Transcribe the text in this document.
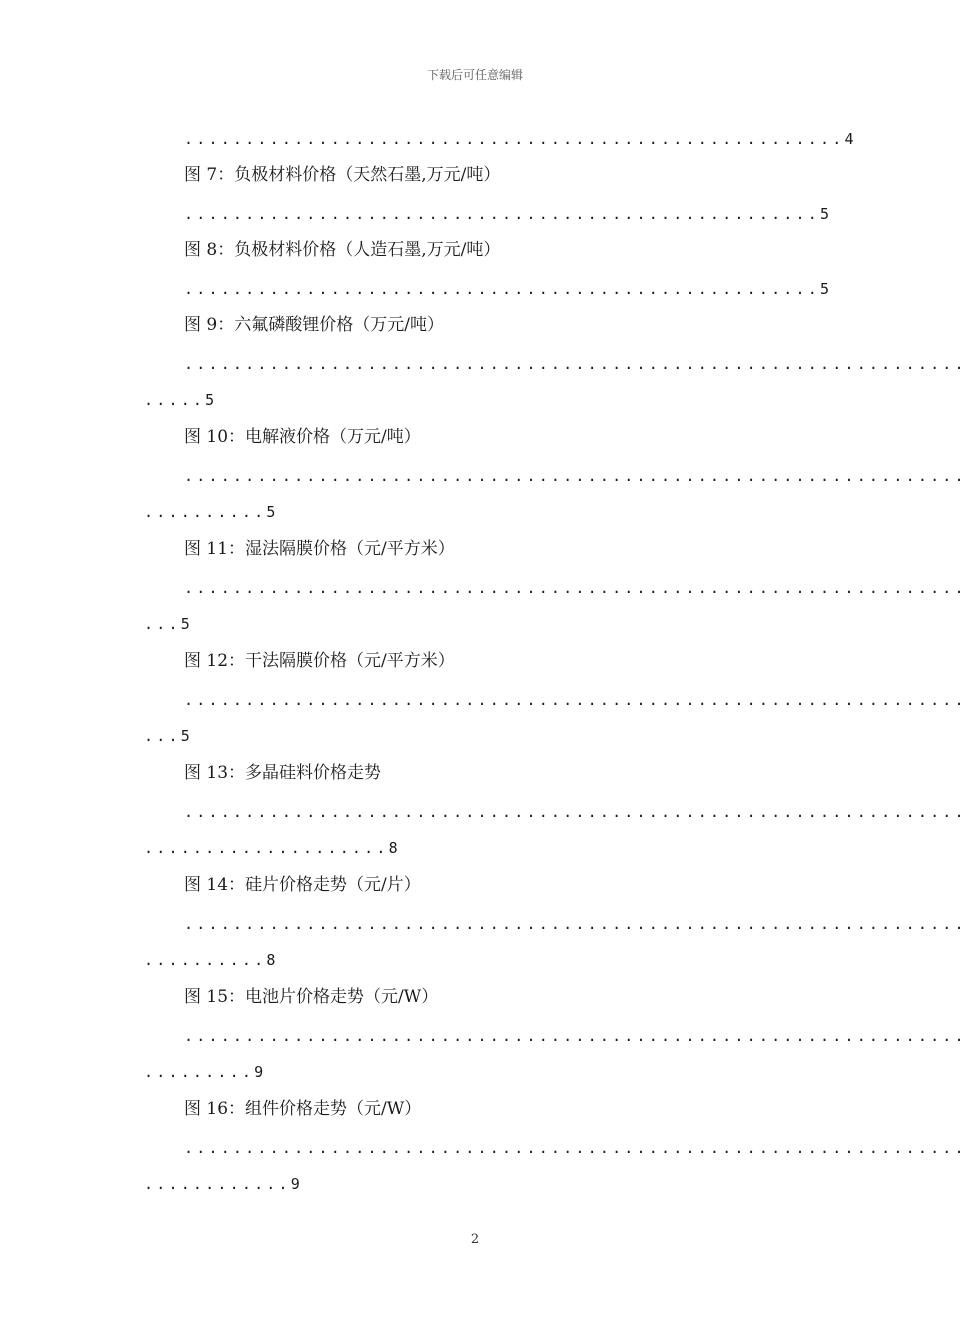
下载后可任意编辑
......................................................4
图 7：负极材料价格（天然石墨,万元/吨）
....................................................5
图 8：负极材料价格（人造石墨,万元/吨）
....................................................5
图 9：六氟磷酸锂价格（万元/吨）
................................................................
.....5
图 10：电解液价格（万元/吨）
................................................................
..........5
图 11：湿法隔膜价格（元/平方米）
................................................................
...5
图 12：干法隔膜价格（元/平方米）
................................................................
...5
图 13：多晶硅料价格走势
................................................................
....................8
图 14：硅片价格走势（元/片）
................................................................
..........8
图 15：电池片价格走势（元/W）
................................................................
.........9
图 16：组件价格走势（元/W）
................................................................
............9
2
